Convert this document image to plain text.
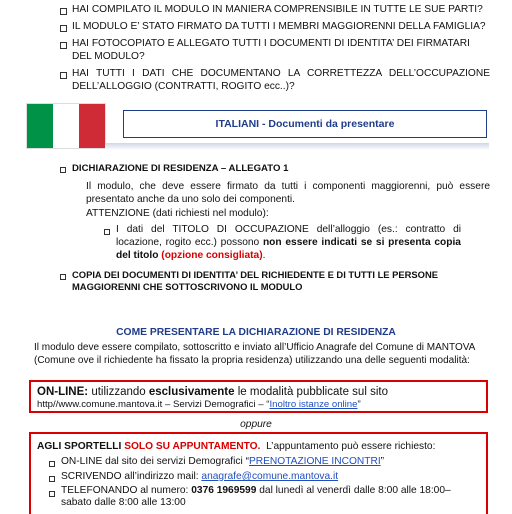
HAI COMPILATO IL MODULO IN MANIERA COMPRENSIBILE IN TUTTE LE SUE PARTI?
IL MODULO E’ STATO FIRMATO DA TUTTI I MEMBRI MAGGIORENNI DELLA FAMIGLIA?
HAI FOTOCOPIATO E ALLEGATO TUTTI I DOCUMENTI DI IDENTITA’ DEI FIRMATARI DEL MODULO?
HAI TUTTI I DATI CHE DOCUMENTANO LA CORRETTEZZA DELL’OCCUPAZIONE DELL’ALLOGGIO (CONTRATTI, ROGITO ecc..)?
ITALIANI - Documenti da presentare
DICHIARAZIONE DI RESIDENZA – ALLEGATO 1
Il modulo, che deve essere firmato da tutti i componenti maggiorenni, può essere presentato anche da uno solo dei componenti.
ATTENZIONE (dati richiesti nel modulo):
I dati del TITOLO DI OCCUPAZIONE dell’alloggio (es.: contratto di locazione, rogito ecc.) possono non essere indicati se si presenta copia del titolo (opzione consigliata).
COPIA DEI DOCUMENTI DI IDENTITA’ DEL RICHIEDENTE E DI TUTTI LE PERSONE MAGGIORENNI CHE SOTTOSCRIVONO IL MODULO
COME PRESENTARE LA DICHIARAZIONE DI RESIDENZA
Il modulo deve essere compilato, sottoscritto e inviato all’Ufficio Anagrafe del Comune di MANTOVA (Comune ove il richiedente ha fissato la propria residenza) utilizzando una delle seguenti modalità:
ON-LINE: utilizzando esclusivamente le modalità pubblicate sul sito
http//www.comune.mantova.it – Servizi Demografici – “Inoltro istanze online”
oppure
AGLI SPORTELLI SOLO SU APPUNTAMENTO. L’appuntamento può essere richiesto:
ON-LINE dal sito dei servizi Demografici “PRENOTAZIONE INCONTRI”
SCRIVENDO all’indirizzo mail: anagrafe@comune.mantova.it
TELEFONANDO al numero: 0376 1969599 dal lunedì al venerdì dalle 8:00 alle 18:00– sabato dalle 8:00 alle 13:00
